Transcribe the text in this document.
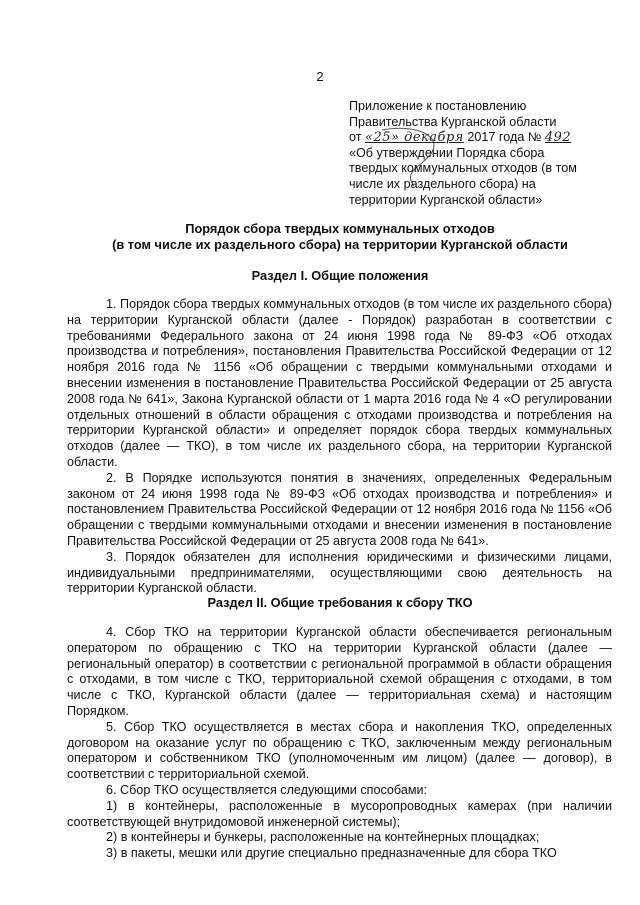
2
Приложение к постановлению
Правительства Курганской области
от «25» декабря 2017 года № 492
«Об утверждении Порядка сбора
твердых коммунальных отходов (в том
числе их раздельного сбора) на
территории Курганской области»
Порядок сбора твердых коммунальных отходов
(в том числе их раздельного сбора) на территории Курганской области
Раздел I. Общие положения

1. Порядок сбора твердых коммунальных отходов (в том числе их раздельного сбора) на территории Курганской области (далее - Порядок) разработан в соответствии с требованиями Федерального закона от 24 июня 1998 года № 89-ФЗ «Об отходах производства и потребления», постановления Правительства Российской Федерации от 12 ноября 2016 года № 1156 «Об обращении с твердыми коммунальными отходами и внесении изменения в постановление Правительства Российской Федерации от 25 августа 2008 года № 641», Закона Курганской области от 1 марта 2016 года № 4 «О регулировании отдельных отношений в области обращения с отходами производства и потребления на территории Курганской области» и определяет порядок сбора твердых коммунальных отходов (далее — ТКО), в том числе их раздельного сбора, на территории Курганской области.

2. В Порядке используются понятия в значениях, определенных Федеральным законом от 24 июня 1998 года № 89-ФЗ «Об отходах производства и потребления» и постановлением Правительства Российской Федерации от 12 ноября 2016 года № 1156 «Об обращении с твердыми коммунальными отходами и внесении изменения в постановление Правительства Российской Федерации от 25 августа 2008 года № 641».

3. Порядок обязателен для исполнения юридическими и физическими лицами, индивидуальными предпринимателями, осуществляющими свою деятельность на территории Курганской области.

Раздел II. Общие требования к сбору ТКО

4. Сбор ТКО на территории Курганской области обеспечивается региональным оператором по обращению с ТКО на территории Курганской области (далее — региональный оператор) в соответствии с региональной программой в области обращения с отходами, в том числе с ТКО, территориальной схемой обращения с отходами, в том числе с ТКО, Курганской области (далее — территориальная схема) и настоящим Порядком.

5. Сбор ТКО осуществляется в местах сбора и накопления ТКО, определенных договором на оказание услуг по обращению с ТКО, заключенным между региональным оператором и собственником ТКО (уполномоченным им лицом) (далее — договор), в соответствии с территориальной схемой.

6. Сбор ТКО осуществляется следующими способами:

1) в контейнеры, расположенные в мусоропроводных камерах (при наличии соответствующей внутридомовой инженерной системы);

2) в контейнеры и бункеры, расположенные на контейнерных площадках;

3) в пакеты, мешки или другие специально предназначенные для сбора ТКО
